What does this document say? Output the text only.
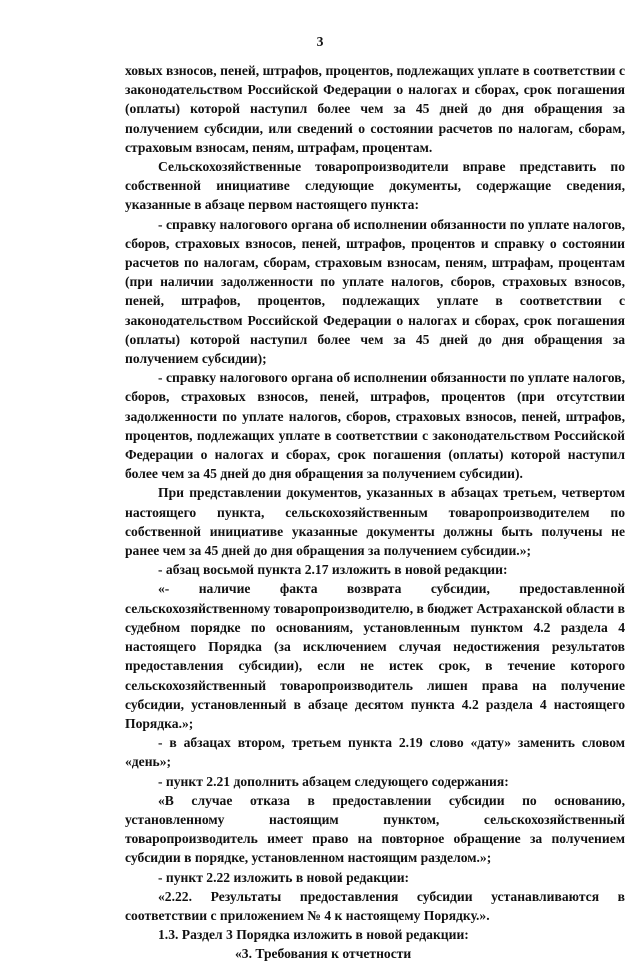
3

ховых взносов, пеней, штрафов, процентов, подлежащих уплате в соответствии с законодательством Российской Федерации о налогах и сборах, срок погашения (оплаты) которой наступил более чем за 45 дней до дня обращения за получением субсидии, или сведений о состоянии расчетов по налогам, сборам, страховым взносам, пеням, штрафам, процентам.

Сельскохозяйственные товаропроизводители вправе представить по собственной инициативе следующие документы, содержащие сведения, указанные в абзаце первом настоящего пункта:

- справку налогового органа об исполнении обязанности по уплате налогов, сборов, страховых взносов, пеней, штрафов, процентов и справку о состоянии расчетов по налогам, сборам, страховым взносам, пеням, штрафам, процентам (при наличии задолженности по уплате налогов, сборов, страховых взносов, пеней, штрафов, процентов, подлежащих уплате в соответствии с законодательством Российской Федерации о налогах и сборах, срок погашения (оплаты) которой наступил более чем за 45 дней до дня обращения за получением субсидии);

- справку налогового органа об исполнении обязанности по уплате налогов, сборов, страховых взносов, пеней, штрафов, процентов (при отсутствии задолженности по уплате налогов, сборов, страховых взносов, пеней, штрафов, процентов, подлежащих уплате в соответствии с законодательством Российской Федерации о налогах и сборах, срок погашения (оплаты) которой наступил более чем за 45 дней до дня обращения за получением субсидии).

При представлении документов, указанных в абзацах третьем, четвертом настоящего пункта, сельскохозяйственным товаропроизводителем по собственной инициативе указанные документы должны быть получены не ранее чем за 45 дней до дня обращения за получением субсидии.»;

- абзац восьмой пункта 2.17 изложить в новой редакции:

«- наличие факта возврата субсидии, предоставленной сельскохозяйственному товаропроизводителю, в бюджет Астраханской области в судебном порядке по основаниям, установленным пунктом 4.2 раздела 4 настоящего Порядка (за исключением случая недостижения результатов предоставления субсидии), если не истек срок, в течение которого сельскохозяйственный товаропроизводитель лишен права на получение субсидии, установленный в абзаце десятом пункта 4.2 раздела 4 настоящего Порядка.»;

- в абзацах втором, третьем пункта 2.19 слово «дату» заменить словом «день»;

- пункт 2.21 дополнить абзацем следующего содержания:

«В случае отказа в предоставлении субсидии по основанию, установленному настоящим пунктом, сельскохозяйственный товаропроизводитель имеет право на повторное обращение за получением субсидии в порядке, установленном настоящим разделом.»;

- пункт 2.22 изложить в новой редакции:

«2.22. Результаты предоставления субсидии устанавливаются в соответствии с приложением № 4 к настоящему Порядку.».

1.3. Раздел 3 Порядка изложить в новой редакции:

«3. Требования к отчетности
